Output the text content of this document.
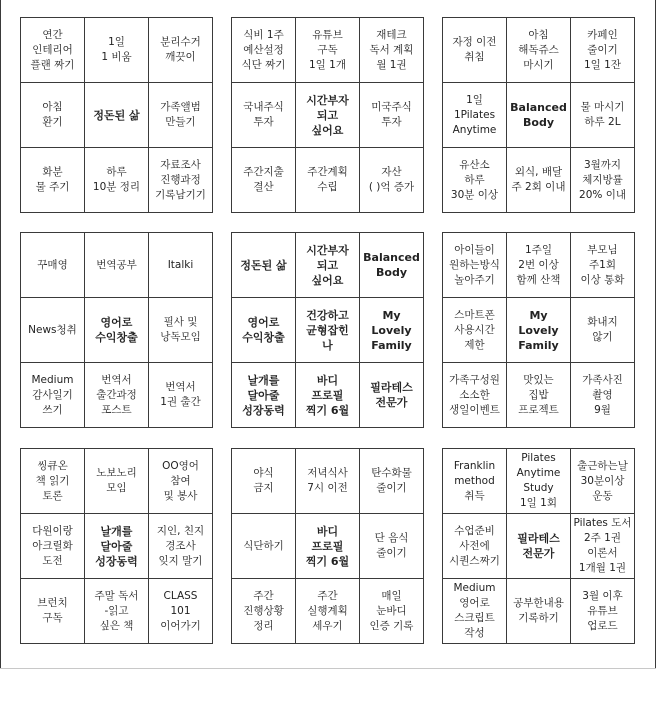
연간
인테리어
플랜 짜기
1일
1 비움
분리수거
깨끗이
아침
환기
정돈된 삶
가족앨범
만들기
화분
물 주기
하루
10분 정리
자료조사
진행과정
기록남기기
식비 1주
예산설정
식단 짜기
유튜브
구독
1일 1개
재테크
독서 계획
월 1권
국내주식
투자
시간부자
되고
싶어요
미국주식
투자
주간지출
결산
주간계획
수립
자산
( )억 증가
자정 이전
취침
아침
해독쥬스
마시기
카페인
줄이기
1일 1잔
1일
1Pilates
Anytime
Balanced
Body
물 마시기
하루 2L
유산소
하루
30분 이상
외식, 배달
주 2회 이내
3월까지
체지방률
20% 이내
꾸매영	번역공부	Italki
News청취
영어로
수익창출
필사 및
낭독모임
Medium
감사일기
쓰기
번역서
출간과정
포스트
번역서
1권 출간
정돈된 삶
시간부자
되고
싶어요
Balanced
Body
영어로
수익창출
건강하고
균형잡힌
나
My Lovely
Family
날개를
달아줄
성장동력
바디
프로필
찍기 6월
필라테스
전문가
아이들이
원하는방식
놀아주기
1주일
2번 이상
함께 산책
부모님
주1회
이상 통화
스마트폰
사용시간
제한
My Lovely
Family
화내지
않기
가족구성원
소소한
생일이벤트
맛있는
집밥
프로젝트
가족사진
촬영
9월
씽큐온
책 읽기
토론
노보노리
모임
OO영어
참여
및 봉사
다원이랑
아크릴화
도전
날개를
달아줄
성장동력
지인, 친지
경조사
잊지 말기
브런치
구독
주말 독서
-읽고
싶은 책
CLASS
101
이어가기
야식
금지
저녁식사
7시 이전
탄수화물
줄이기
식단하기
바디
프로필
찍기 6월
단 음식
줄이기
주간
진행상황
정리
주간
실행계획
세우기
매일
눈바디
인증 기록
Franklin
method
취득
Pilates
Anytime
Study
1일 1회
출근하는날
30분이상
운동
수업준비
사전에
시퀀스짜기
필라테스
전문가
Pilates 도서
2주 1권
이론서
1개월 1권
Medium
영어로
스크립트
작성
공부한내용
기록하기
3월 이후
유튜브
업로드
